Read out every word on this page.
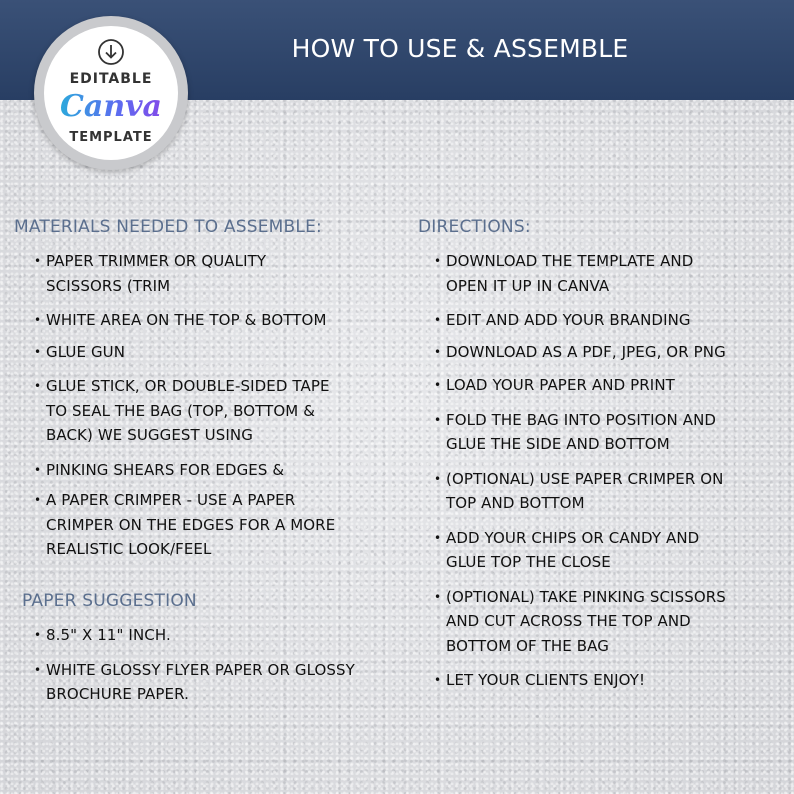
HOW TO USE & ASSEMBLE
EDITABLE
Canva
TEMPLATE
MATERIALS NEEDED TO ASSEMBLE:
• PAPER TRIMMER OR QUALITY
SCISSORS (TRIM
• WHITE AREA ON THE TOP & BOTTOM
• GLUE GUN
• GLUE STICK, OR DOUBLE-SIDED TAPE
TO SEAL THE BAG (TOP, BOTTOM &
BACK) WE SUGGEST USING
• PINKING SHEARS FOR EDGES &
• A PAPER CRIMPER - USE A PAPER
CRIMPER ON THE EDGES FOR A MORE
REALISTIC LOOK/FEEL
PAPER SUGGESTION
• 8.5" X 11" INCH.
• WHITE GLOSSY FLYER PAPER OR GLOSSY
BROCHURE PAPER.
DIRECTIONS:
• DOWNLOAD THE TEMPLATE AND
OPEN IT UP IN CANVA
• EDIT AND ADD YOUR BRANDING
• DOWNLOAD AS A PDF, JPEG, OR PNG
• LOAD YOUR PAPER AND PRINT
• FOLD THE BAG INTO POSITION AND
GLUE THE SIDE AND BOTTOM
• (OPTIONAL) USE PAPER CRIMPER ON
TOP AND BOTTOM
• ADD YOUR CHIPS OR CANDY AND
GLUE TOP THE CLOSE
• (OPTIONAL) TAKE PINKING SCISSORS
AND CUT ACROSS THE TOP AND
BOTTOM OF THE BAG
• LET YOUR CLIENTS ENJOY!
